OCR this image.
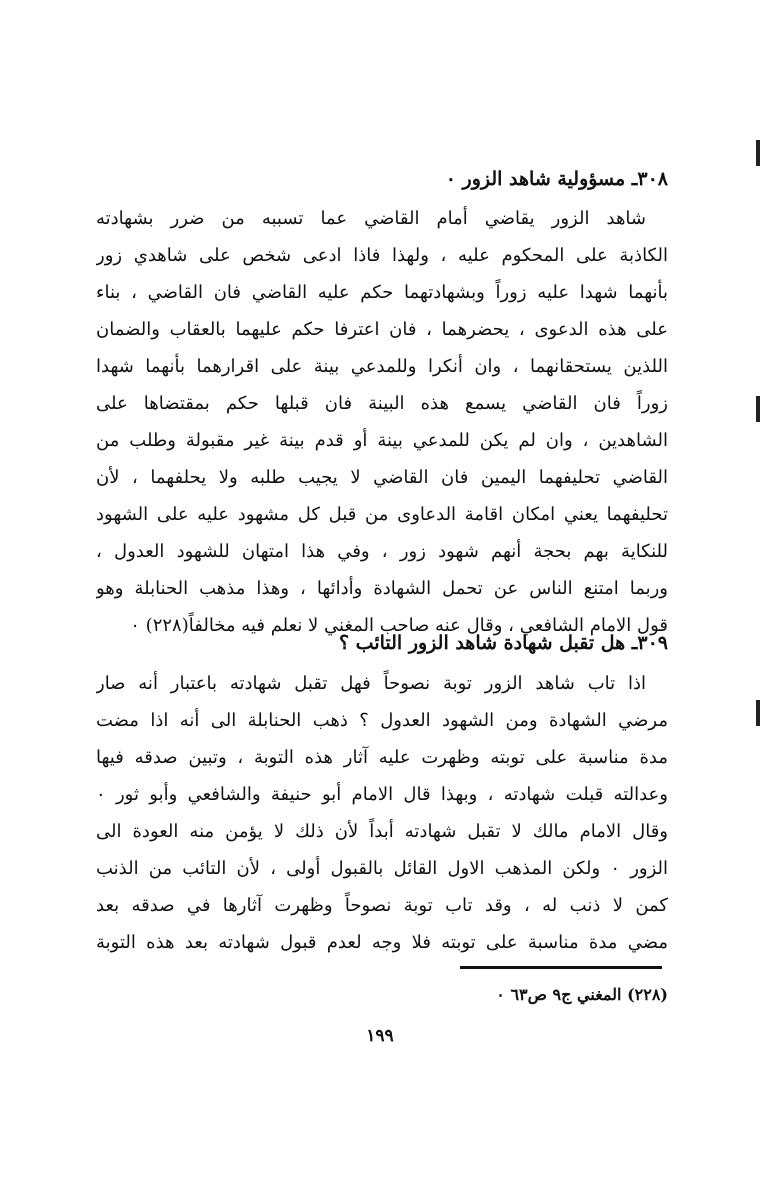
٣٠٨ـ مسؤولية شاهد الزور ٠
شاهد الزور يقاضي أمام القاضي عما تسببه من ضرر بشهادته
الكاذبة على المحكوم عليه ، ولهذا فاذا ادعى شخص على شاهدي زور
بأنهما شهدا عليه زوراً وبشهادتهما حكم عليه القاضي فان القاضي ، بناء
على هذه الدعوى ، يحضرهما ، فان اعترفا حكم عليهما بالعقاب والضمان
اللذين يستحقانهما ، وان أنكرا وللمدعي بينة على اقرارهما بأنهما شهدا
زوراً فان القاضي يسمع هذه البينة فان قبلها حكم بمقتضاها على
الشاهدين ، وان لم يكن للمدعي بينة أو قدم بينة غير مقبولة وطلب من
القاضي تحليفهما اليمين فان القاضي لا يجيب طلبه ولا يحلفهما ، لأن
تحليفهما يعني امكان اقامة الدعاوى من قبل كل مشهود عليه على الشهود
للنكاية بهم بحجة أنهم شهود زور ، وفي هذا امتهان للشهود العدول ،
وربما امتنع الناس عن تحمل الشهادة وأدائها ، وهذا مذهب الحنابلة وهو
قول الامام الشافعي ، وقال عنه صاحب المغني لا نعلم فيه مخالفاً(٢٢٨) ٠
٣٠٩ـ هل تقبل شهادة شاهد الزور التائب ؟
اذا تاب شاهد الزور توبة نصوحاً فهل تقبل شهادته باعتبار أنه صار
مرضي الشهادة ومن الشهود العدول ؟ ذهب الحنابلة الى أنه اذا مضت
مدة مناسبة على توبته وظهرت عليه آثار هذه التوبة ، وتبين صدقه فيها
وعدالته قبلت شهادته ، وبهذا قال الامام أبو حنيفة والشافعي وأبو ثور ٠
وقال الامام مالك لا تقبل شهادته أبداً لأن ذلك لا يؤمن منه العودة الى
الزور ٠ ولكن المذهب الاول القائل بالقبول أولى ، لأن التائب من الذنب
كمن لا ذنب له ، وقد تاب توبة نصوحاً وظهرت آثارها في صدقه بعد
مضي مدة مناسبة على توبته فلا وجه لعدم قبول شهادته بعد هذه التوبة
(٢٢٨) المغني ج٩ ص٦٣ ٠
١٩٩
